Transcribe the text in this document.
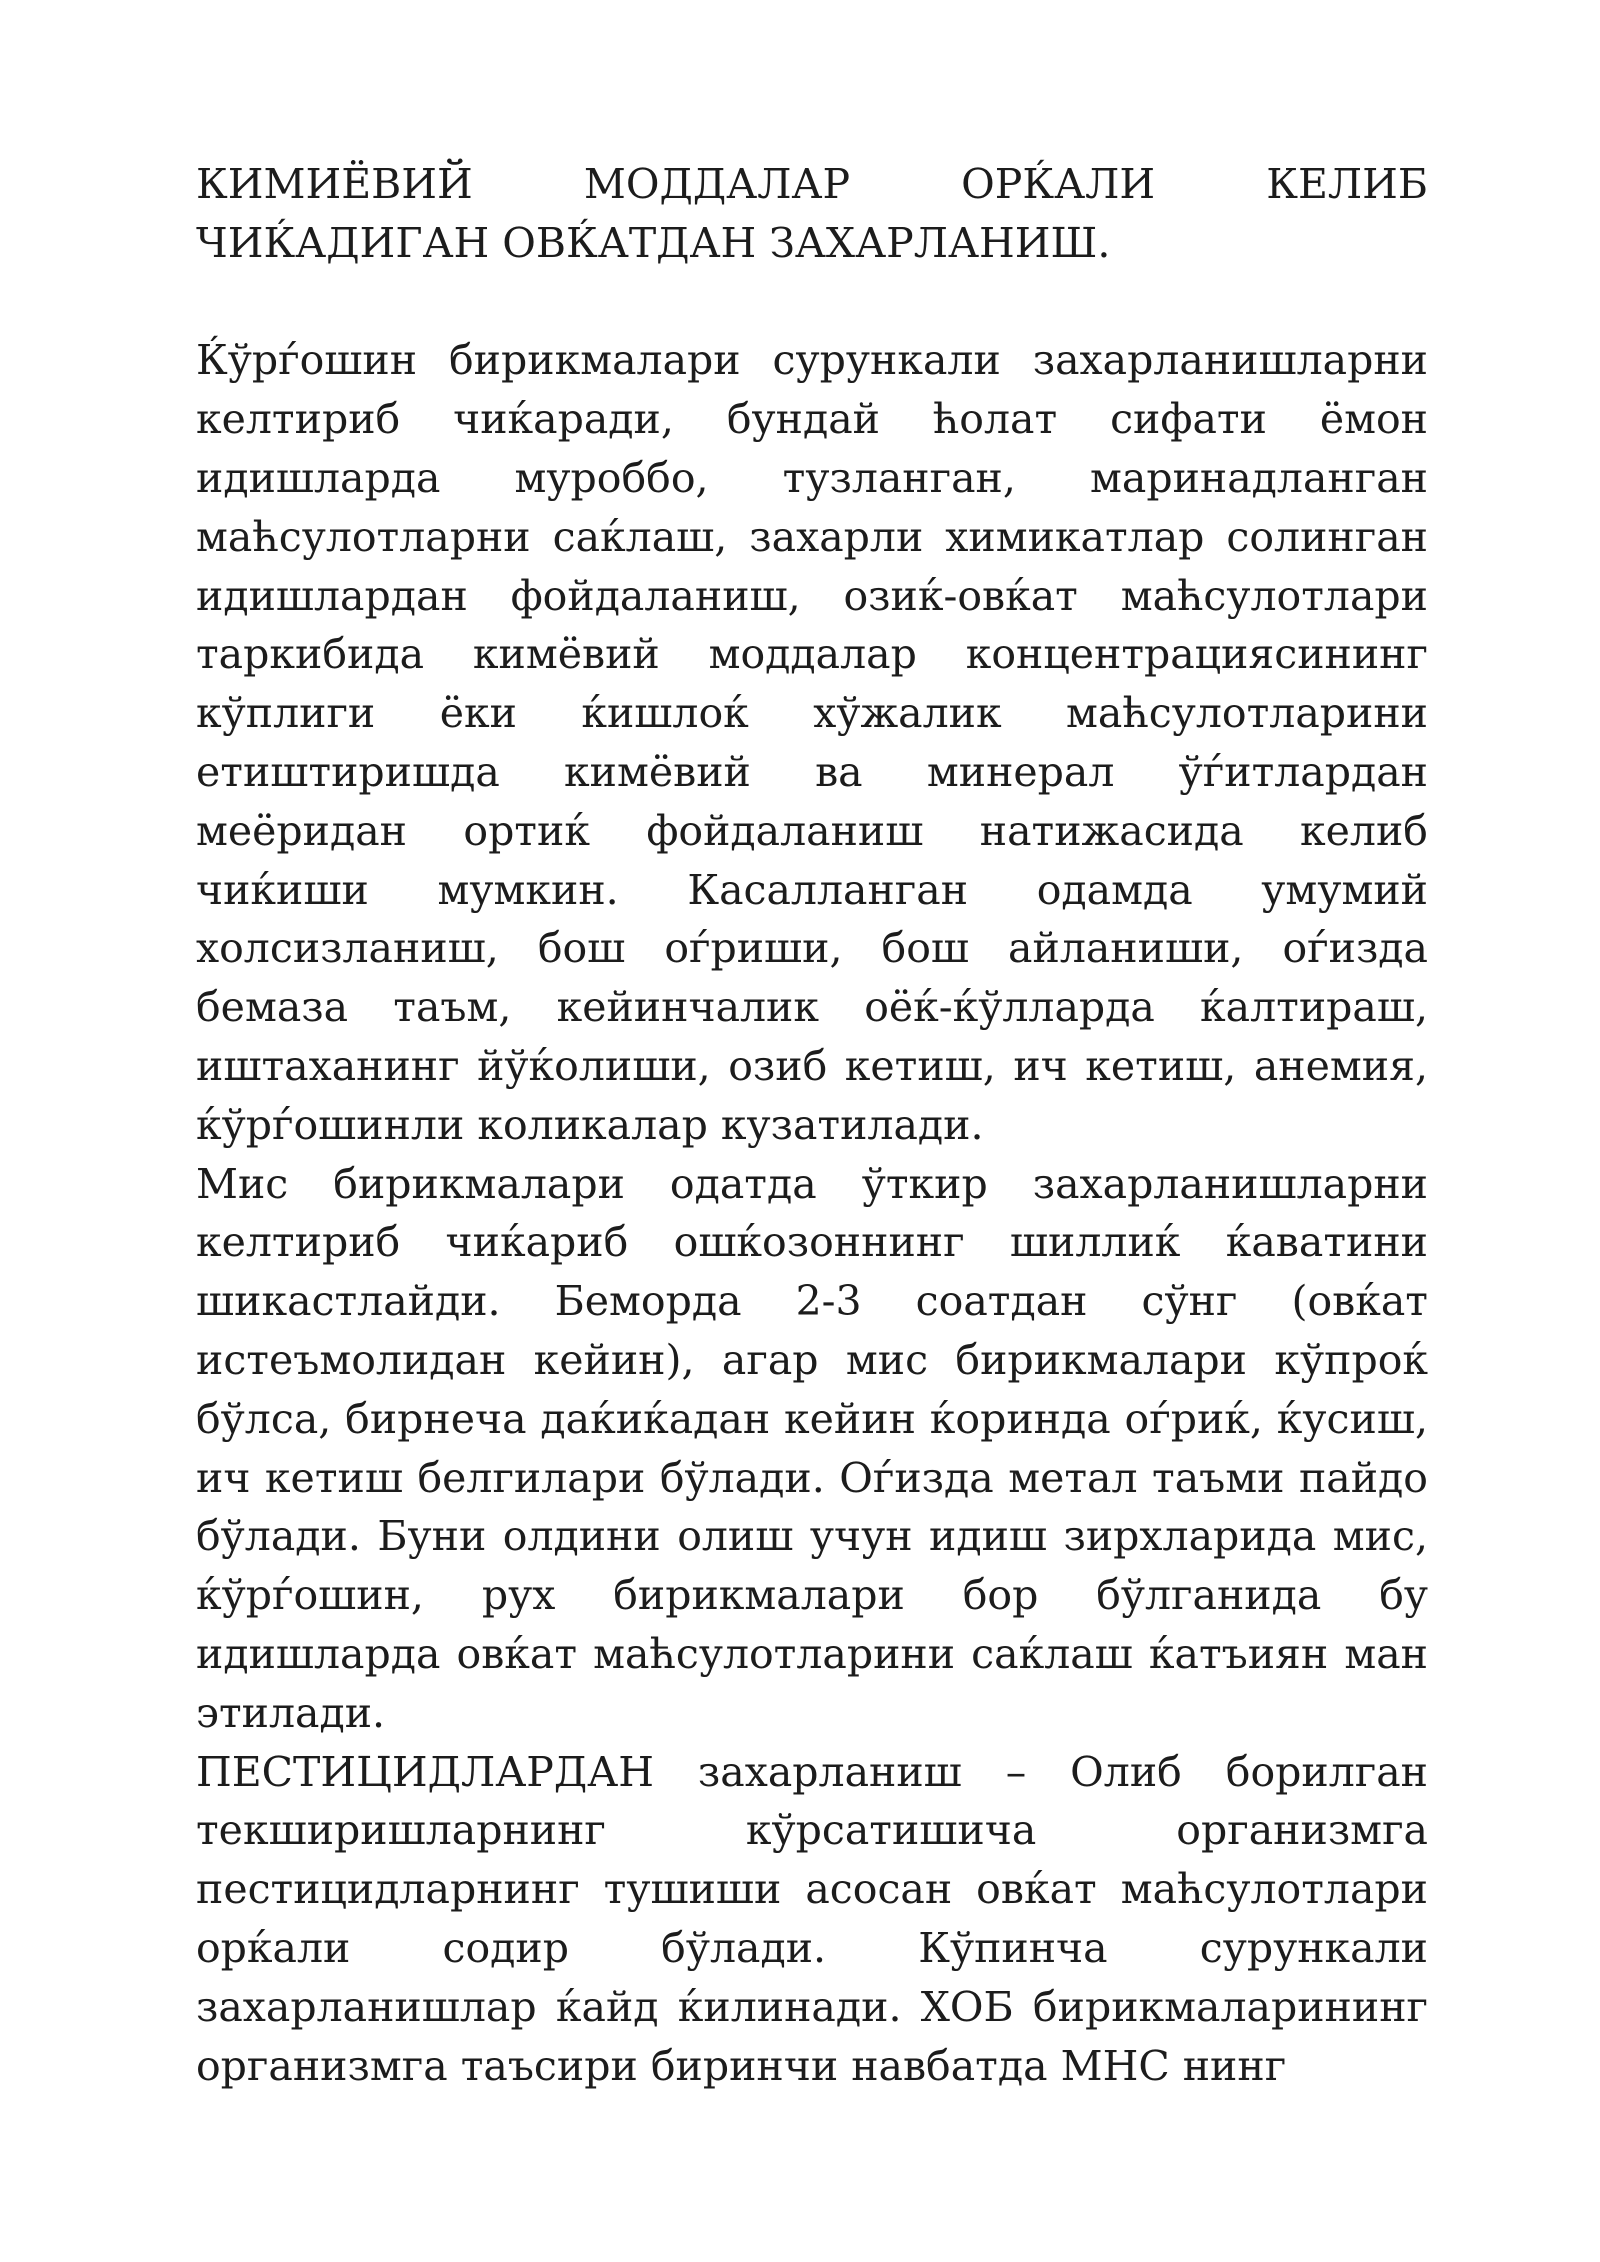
КИМИЁВИЙ МОДДАЛАР ОРЌАЛИ КЕЛИБ ЧИЌАДИГАН ОВЌАТДАН ЗАХАРЛАНИШ.

Ќўрѓошин бирикмалари сурункали захарланишларни келтириб чиќаради, бундай ћолат сифати ёмон идишларда муроббо, тузланган, маринадланган маћсулотларни саќлаш, захарли химикатлар солинган идишлардан фойдаланиш, озиќ-овќат маћсулотлари таркибида кимёвий моддалар концентрациясининг кўплиги ёки ќишлоќ хўжалик маћсулотларини етиштиришда кимёвий ва минерал ўѓитлардан меёридан ортиќ фойдаланиш натижасида келиб чиќиши мумкин. Касалланган одамда умумий холсизланиш, бош оѓриши, бош айланиши, оѓизда бемаза таъм, кейинчалик оёќ-ќўлларда ќалтираш, иштаханинг йўќолиши, озиб кетиш, ич кетиш, анемия, ќўрѓошинли коликалар кузатилади.

Мис бирикмалари одатда ўткир захарланишларни келтириб чиќариб ошќозоннинг шиллиќ ќаватини шикастлайди. Беморда 2-3 соатдан сўнг (овќат истеъмолидан кейин), агар мис бирикмалари кўпроќ бўлса, бирнеча даќиќадан кейин ќоринда оѓриќ, ќусиш, ич кетиш белгилари бўлади. Оѓизда метал таъми пайдо бўлади. Буни олдини олиш учун идиш зирхларида мис, ќўрѓошин, рух бирикмалари бор бўлганида бу идишларда овќат маћсулотларини саќлаш ќатъиян ман этилади.

ПЕСТИЦИДЛАРДАН захарланиш – Олиб борилган текширишларнинг кўрсатишича организмга пестицидларнинг тушиши асосан овќат маћсулотлари орќали содир бўлади. Кўпинча сурункали захарланишлар ќайд ќилинади. ХОБ бирикмаларининг организмга таъсири биринчи навбатда МНС нинг
